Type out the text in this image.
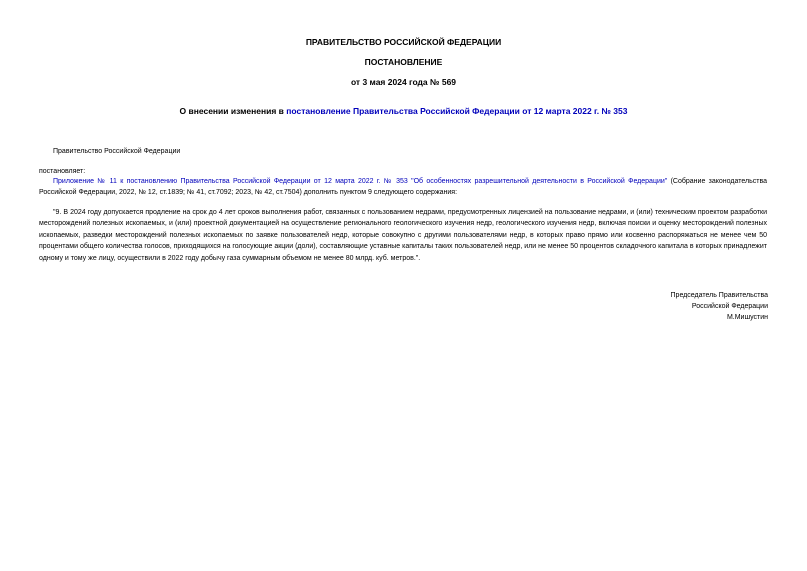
ПРАВИТЕЛЬСТВО РОССИЙСКОЙ ФЕДЕРАЦИИ
ПОСТАНОВЛЕНИЕ
от 3 мая 2024 года № 569
О внесении изменения в постановление Правительства Российской Федерации от 12 марта 2022 г. № 353
Правительство Российской Федерации
постановляет:
Приложение № 11 к постановлению Правительства Российской Федерации от 12 марта 2022 г. № 353 "Об особенностях разрешительной деятельности в Российской Федерации" (Собрание законодательства Российской Федерации, 2022, № 12, ст.1839; № 41, ст.7092; 2023, № 42, ст.7504) дополнить пунктом 9 следующего содержания:
"9. В 2024 году допускается продление на срок до 4 лет сроков выполнения работ, связанных с пользованием недрами, предусмотренных лицензией на пользование недрами, и (или) техническим проектом разработки месторождений полезных ископаемых, и (или) проектной документацией на осуществление регионального геологического изучения недр, геологического изучения недр, включая поиски и оценку месторождений полезных ископаемых, разведки месторождений полезных ископаемых по заявке пользователей недр, которые совокупно с другими пользователями недр, в которых право прямо или косвенно распоряжаться не менее чем 50 процентами общего количества голосов, приходящихся на голосующие акции (доли), составляющие уставные капиталы таких пользователей недр, или не менее 50 процентов складочного капитала в которых принадлежит одному и тому же лицу, осуществили в 2022 году добычу газа суммарным объемом не менее 80 млрд. куб. метров.".
Председатель Правительства
Российской Федерации
М.Мишустин
